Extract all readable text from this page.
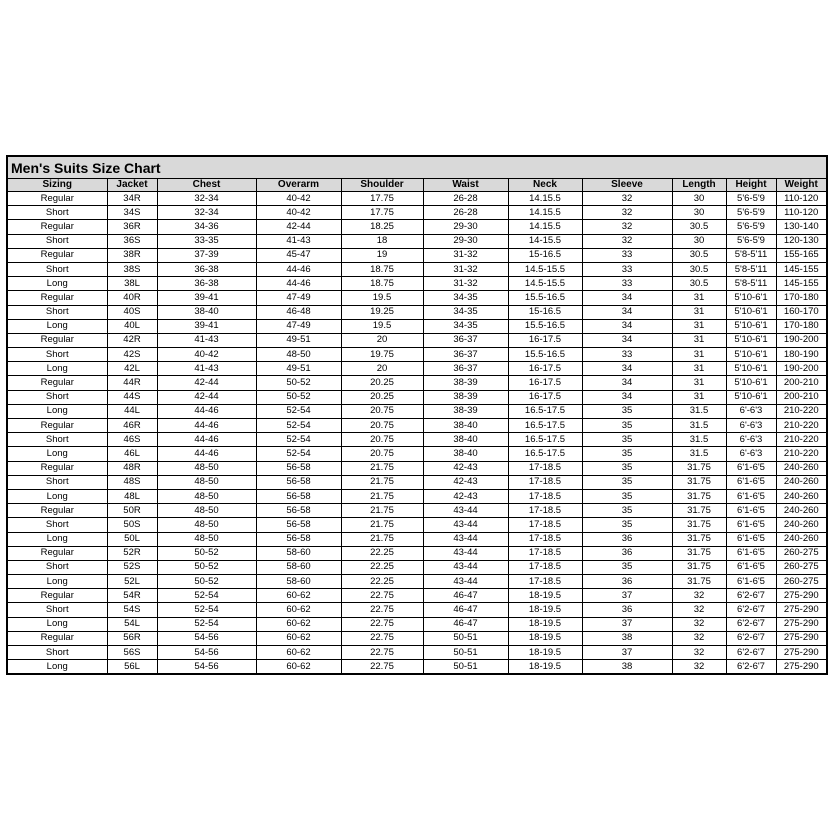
Men's Suits Size Chart
Sizing	Jacket	Chest	Overarm	Shoulder	Waist	Neck	Sleeve	Length	Height	Weight
Regular	34R	32-34	40-42	17.75	26-28	14.15.5	32	30	5'6-5'9	110-120
Short	34S	32-34	40-42	17.75	26-28	14.15.5	32	30	5'6-5'9	110-120
Regular	36R	34-36	42-44	18.25	29-30	14.15.5	32	30.5	5'6-5'9	130-140
Short	36S	33-35	41-43	18	29-30	14-15.5	32	30	5'6-5'9	120-130
Regular	38R	37-39	45-47	19	31-32	15-16.5	33	30.5	5'8-5'11	155-165
Short	38S	36-38	44-46	18.75	31-32	14.5-15.5	33	30.5	5'8-5'11	145-155
Long	38L	36-38	44-46	18.75	31-32	14.5-15.5	33	30.5	5'8-5'11	145-155
Regular	40R	39-41	47-49	19.5	34-35	15.5-16.5	34	31	5'10-6'1	170-180
Short	40S	38-40	46-48	19.25	34-35	15-16.5	34	31	5'10-6'1	160-170
Long	40L	39-41	47-49	19.5	34-35	15.5-16.5	34	31	5'10-6'1	170-180
Regular	42R	41-43	49-51	20	36-37	16-17.5	34	31	5'10-6'1	190-200
Short	42S	40-42	48-50	19.75	36-37	15.5-16.5	33	31	5'10-6'1	180-190
Long	42L	41-43	49-51	20	36-37	16-17.5	34	31	5'10-6'1	190-200
Regular	44R	42-44	50-52	20.25	38-39	16-17.5	34	31	5'10-6'1	200-210
Short	44S	42-44	50-52	20.25	38-39	16-17.5	34	31	5'10-6'1	200-210
Long	44L	44-46	52-54	20.75	38-39	16.5-17.5	35	31.5	6'-6'3	210-220
Regular	46R	44-46	52-54	20.75	38-40	16.5-17.5	35	31.5	6'-6'3	210-220
Short	46S	44-46	52-54	20.75	38-40	16.5-17.5	35	31.5	6'-6'3	210-220
Long	46L	44-46	52-54	20.75	38-40	16.5-17.5	35	31.5	6'-6'3	210-220
Regular	48R	48-50	56-58	21.75	42-43	17-18.5	35	31.75	6'1-6'5	240-260
Short	48S	48-50	56-58	21.75	42-43	17-18.5	35	31.75	6'1-6'5	240-260
Long	48L	48-50	56-58	21.75	42-43	17-18.5	35	31.75	6'1-6'5	240-260
Regular	50R	48-50	56-58	21.75	43-44	17-18.5	35	31.75	6'1-6'5	240-260
Short	50S	48-50	56-58	21.75	43-44	17-18.5	35	31.75	6'1-6'5	240-260
Long	50L	48-50	56-58	21.75	43-44	17-18.5	36	31.75	6'1-6'5	240-260
Regular	52R	50-52	58-60	22.25	43-44	17-18.5	36	31.75	6'1-6'5	260-275
Short	52S	50-52	58-60	22.25	43-44	17-18.5	35	31.75	6'1-6'5	260-275
Long	52L	50-52	58-60	22.25	43-44	17-18.5	36	31.75	6'1-6'5	260-275
Regular	54R	52-54	60-62	22.75	46-47	18-19.5	37	32	6'2-6'7	275-290
Short	54S	52-54	60-62	22.75	46-47	18-19.5	36	32	6'2-6'7	275-290
Long	54L	52-54	60-62	22.75	46-47	18-19.5	37	32	6'2-6'7	275-290
Regular	56R	54-56	60-62	22.75	50-51	18-19.5	38	32	6'2-6'7	275-290
Short	56S	54-56	60-62	22.75	50-51	18-19.5	37	32	6'2-6'7	275-290
Long	56L	54-56	60-62	22.75	50-51	18-19.5	38	32	6'2-6'7	275-290
